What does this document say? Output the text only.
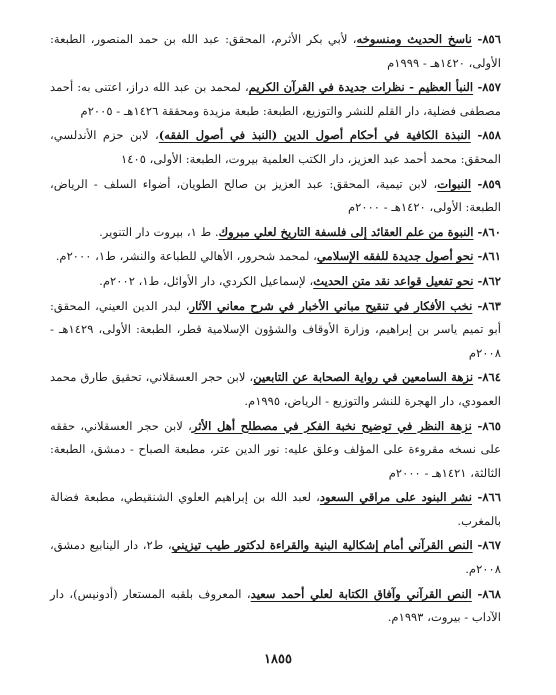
٨٥٦- ناسخ الحديث ومنسوخه، لأبي بكر الأثرم، المحقق: عبد الله بن حمد المنصور، الطبعة: الأولى، ١٤٢٠هـ - ١٩٩٩م

٨٥٧- النبأ العظيم - نظرات جديدة في القرآن الكريم، لمحمد بن عبد الله دراز، اعتنى به: أحمد مصطفى فضلية، دار القلم للنشر والتوزيع، الطبعة: طبعة مزيدة ومحققة ١٤٢٦هـ - ٢٠٠٥م

٨٥٨- النبذة الكافية في أحكام أصول الدين (النبذ في أصول الفقه)، لابن حزم الأندلسي، المحقق: محمد أحمد عبد العزيز، دار الكتب العلمية بيروت، الطبعة: الأولى، ١٤٠٥

٨٥٩- النبوات، لابن تيمية، المحقق: عبد العزيز بن صالح الطويان، أضواء السلف - الرياض، الطبعة: الأولى، ١٤٢٠هـ - ٢٠٠٠م

٨٦٠- النبوة من علم العقائد إلى فلسفة التاريخ لعلي مبروك. ط ١، بيروت دار التنوير.

٨٦١- نحو أصول جديدة للفقه الإسلامي، لمحمد شحرور، الأهالي للطباعة والنشر، ط١، ٢٠٠٠م.

٨٦٢- نحو تفعيل قواعد نقد متن الحديث، لإسماعيل الكردي، دار الأوائل، ط١، ٢٠٠٢م.

٨٦٣- نخب الأفكار في تنقيح مباني الأخبار في شرح معاني الآثار، لبدر الدين العيني، المحقق: أبو تميم ياسر بن إبراهيم، وزارة الأوقاف والشؤون الإسلامية قطر، الطبعة: الأولى، ١٤٢٩هـ - ٢٠٠٨م

٨٦٤- نزهة السامعين في رواية الصحابة عن التابعين، لابن حجر العسقلاني، تحقيق طارق محمد العمودي، دار الهجرة للنشر والتوزيع - الرياض، ١٩٩٥م.

٨٦٥- نزهة النظر في توضيح نخبة الفكر في مصطلح أهل الأثر، لابن حجر العسقلاني، حققه على نسخه مقروءة على المؤلف وعلق عليه: نور الدين عتر، مطبعة الصباح - دمشق، الطبعة: الثالثة، ١٤٢١هـ - ٢٠٠٠م

٨٦٦- نشر البنود على مراقي السعود، لعبد الله بن إبراهيم العلوي الشنقيطي، مطبعة فضالة بالمغرب.

٨٦٧- النص القرآني أمام إشكالية البنية والقراءة لدكتور طيب تيزيني، ط٢، دار الينابيع دمشق، ٢٠٠٨م.

٨٦٨- النص القرآني وآفاق الكتابة لعلي أحمد سعيد، المعروف بلقبه المستعار (أدونيس)، دار الآداب - بيروت، ١٩٩٣م.

١٨٥٥
